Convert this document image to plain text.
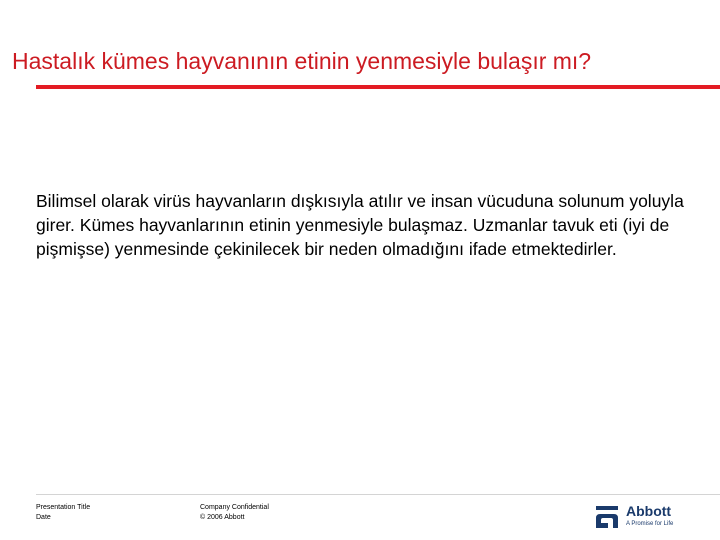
Hastalık kümes hayvanının etinin yenmesiyle bulaşır mı?
Bilimsel olarak virüs hayvanların dışkısıyla atılır ve insan vücuduna solunum yoluyla girer. Kümes hayvanlarının etinin yenmesiyle bulaşmaz. Uzmanlar tavuk eti (iyi de pişmişse) yenmesinde çekinilecek bir neden olmadığını ifade etmektedirler.
Presentation Title
Date
Company Confidential
© 2006 Abbott	Abbott
A Promise for Life
